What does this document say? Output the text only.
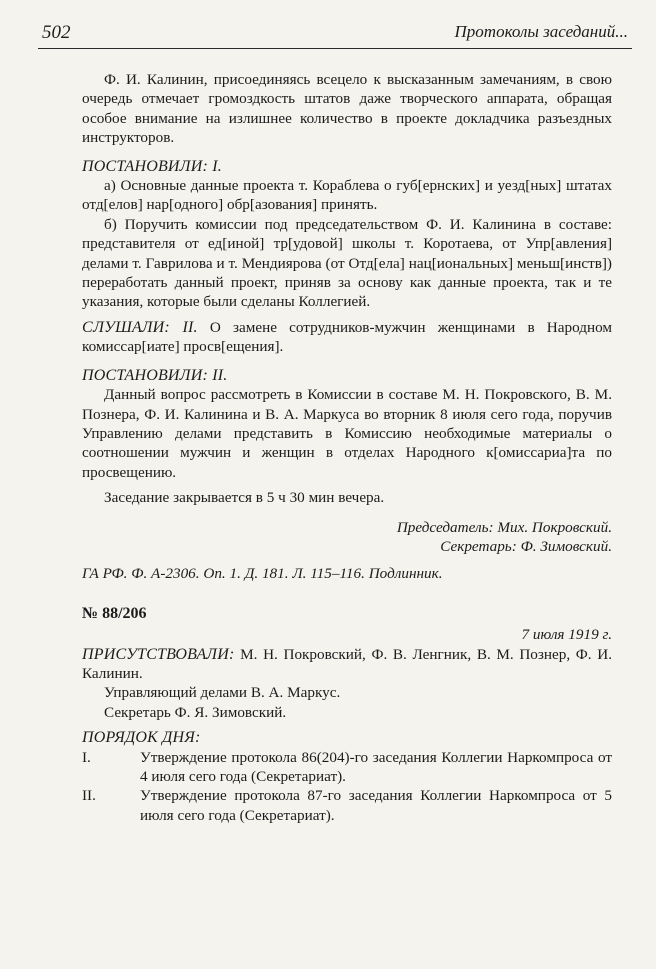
502	Протоколы заседаний...

Ф. И. Калинин, присоединяясь всецело к высказанным замечаниям, в свою очередь отмечает громоздкость штатов даже творческого аппарата, обращая особое внимание на излишнее количество в проекте докладчика разъездных инструкторов.

ПОСТАНОВИЛИ: I.

а) Основные данные проекта т. Кораблева о губ[ернских] и уезд[ных] штатах отд[елов] нар[одного] обр[азования] принять.

б) Поручить комиссии под председательством Ф. И. Калинина в составе: представителя от ед[иной] тр[удовой] школы т. Коротаева, от Упр[авления] делами т. Гаврилова и т. Мендиярова (от Отд[ела] нац[иональных] меньш[инств]) переработать данный проект, приняв за основу как данные проекта, так и те указания, которые были сделаны Коллегией.

СЛУШАЛИ: II. О замене сотрудников-мужчин женщинами в Народном комиссар[иате] просв[ещения].

ПОСТАНОВИЛИ: II.

Данный вопрос рассмотреть в Комиссии в составе М. Н. Покровского, В. М. Познера, Ф. И. Калинина и В. А. Маркуса во вторник 8 июля сего года, поручив Управлению делами представить в Комиссию необходимые материалы о соотношении мужчин и женщин в отделах Народного к[омиссариа]та по просвещению.

Заседание закрывается в 5 ч 30 мин вечера.

Председатель: Мих. Покровский.
Секретарь: Ф. Зимовский.
ГА РФ. Ф. А-2306. Оп. 1. Д. 181. Л. 115–116. Подлинник.
№ 88/206
7 июля 1919 г.

ПРИСУТСТВОВАЛИ: М. Н. Покровский, Ф. В. Ленгник, В. М. Познер, Ф. И. Калинин.

Управляющий делами В. А. Маркус.
Секретарь Ф. Я. Зимовский.
ПОРЯДОК ДНЯ:
I.	Утверждение протокола 86(204)-го заседания Коллегии Наркомпроса от 4 июля сего года (Секретариат).
II.	Утверждение протокола 87-го заседания Коллегии Наркомпроса от 5 июля сего года (Секретариат).
